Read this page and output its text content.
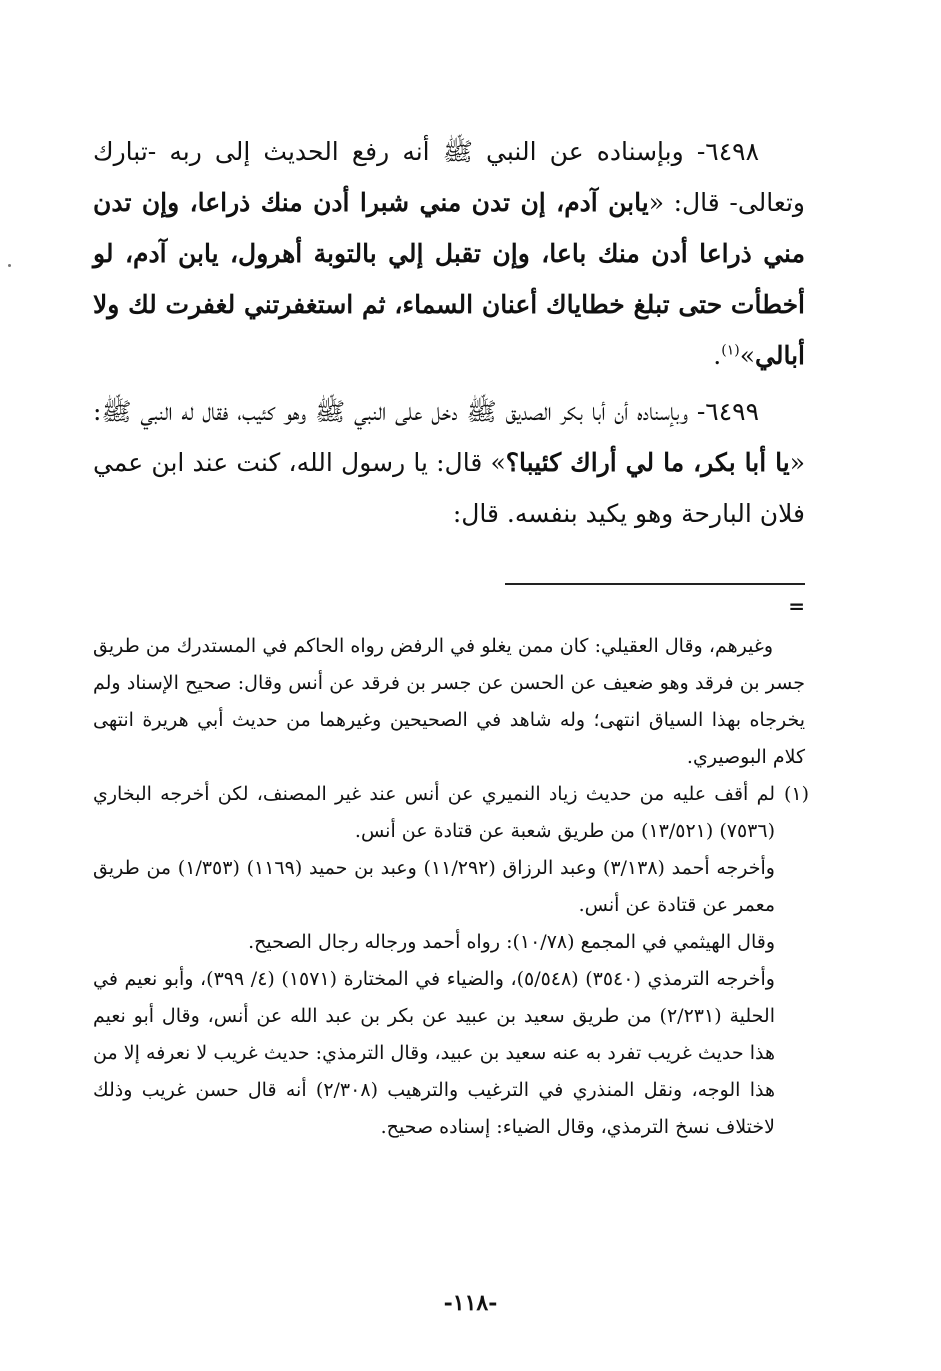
٦٤٩٨- وبإسناده عن النبي ﷺ أنه رفع الحديث إلى ربه -تبارك وتعالى- قال: «يابن آدم، إن تدن مني شبرا أدن منك ذراعا، وإن تدن مني ذراعا أدن منك باعا، وإن تقبل إلي بالتوبة أهرول، يابن آدم، لو أخطأت حتى تبلغ خطاياك أعنان السماء، ثم استغفرتني لغفرت لك ولا أبالي»$^{(١)}$.

٦٤٩٩- وبإسناده أن أبا بكر الصديق ﷺ دخل على النبي ﷺ وهو كئيب، فقال له النبي ﷺ: «يا أبا بكر، ما لي أراك كئيبا؟» قال: يا رسول الله، كنت عند ابن عمي فلان البارحة وهو يكيد بنفسه. قال:

=

وغيرهم، وقال العقيلي: كان ممن يغلو في الرفض رواه الحاكم في المستدرك من طريق جسر بن فرقد وهو ضعيف عن الحسن عن جسر بن فرقد عن أنس وقال: صحيح الإسناد ولم يخرجاه بهذا السياق انتهى؛ وله شاهد في الصحيحين وغيرهما من حديث أبي هريرة انتهى كلام البوصيري.

(١)
لم أقف عليه من حديث زياد النميري عن أنس عند غير المصنف، لكن أخرجه البخاري (٧٥٣٦) (١٣/٥٢١) من طريق شعبة عن قتادة عن أنس.

وأخرجه أحمد (٣/١٣٨) وعبد الرزاق (١١/٢٩٢) وعبد بن حميد (١١٦٩) (١/٣٥٣) من طريق معمر عن قتادة عن أنس.

وقال الهيثمي في المجمع (١٠/٧٨): رواه أحمد ورجاله رجال الصحيح.

وأخرجه الترمذي (٣٥٤٠) (٥/٥٤٨)، والضياء في المختارة (١٥٧١) (٤/ ٣٩٩)، وأبو نعيم في الحلية (٢/٢٣١) من طريق سعيد بن عبيد عن بكر بن عبد الله عن أنس، وقال أبو نعيم هذا حديث غريب تفرد به عنه سعيد بن عبيد، وقال الترمذي: حديث غريب لا نعرفه إلا من هذا الوجه، ونقل المنذري في الترغيب والترهيب (٢/٣٠٨) أنه قال حسن غريب وذلك لاختلاف نسخ الترمذي، وقال الضياء: إسناده صحيح.

-١١٨-
